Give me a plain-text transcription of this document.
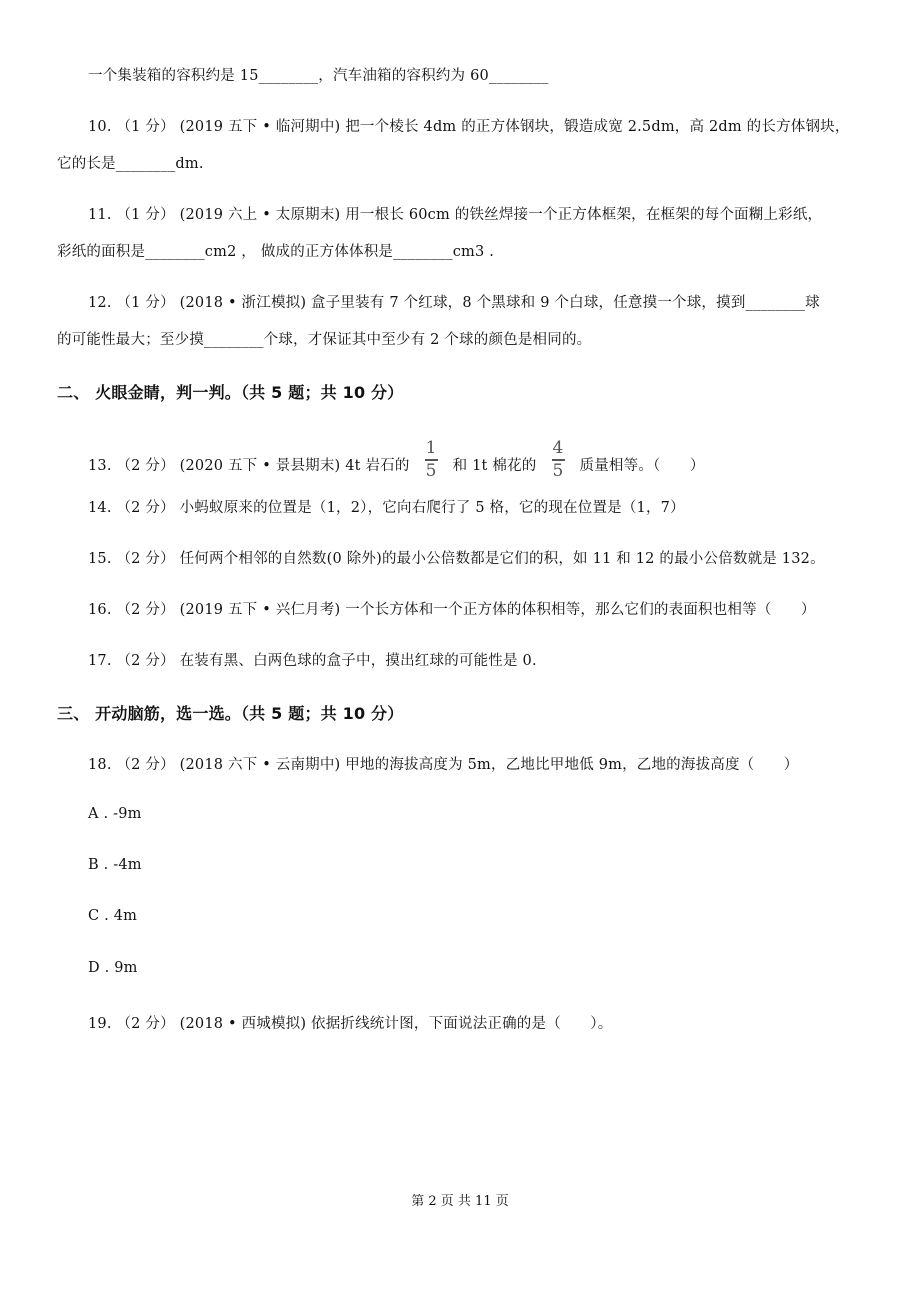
一个集装箱的容积约是 15________，汽车油箱的容积约为 60________
10. （1 分） (2019 五下 • 临河期中) 把一个棱长 4dm 的正方体钢块，锻造成宽 2.5dm，高 2dm 的长方体钢块，
它的长是________dm.
11. （1 分） (2019 六上 • 太原期末) 用一根长 60cm 的铁丝焊接一个正方体框架，在框架的每个面糊上彩纸，
彩纸的面积是________cm2 ， 做成的正方体体积是________cm3 .
12. （1 分） (2018 • 浙江模拟) 盒子里装有 7 个红球，8 个黑球和 9 个白球，任意摸一个球，摸到________球
的可能性最大；至少摸________个球，才保证其中至少有 2 个球的颜色是相同的。
二、 火眼金睛，判一判。（共 5 题；共 10 分）
13. （2 分） (2020 五下 • 景县期末) 4t 岩石的 $\frac{1}{5}$ 和 1t 棉花的 $\frac{4}{5}$ 质量相等。（　　）
14. （2 分） 小蚂蚁原来的位置是（1，2），它向右爬行了 5 格，它的现在位置是（1，7）
15. （2 分） 任何两个相邻的自然数(0 除外)的最小公倍数都是它们的积，如 11 和 12 的最小公倍数就是 132。
16. （2 分） (2019 五下 • 兴仁月考) 一个长方体和一个正方体的体积相等，那么它们的表面积也相等（　　）
17. （2 分） 在装有黑、白两色球的盒子中，摸出红球的可能性是 0.
三、 开动脑筋，选一选。（共 5 题；共 10 分）
18. （2 分） (2018 六下 • 云南期中) 甲地的海拔高度为 5m，乙地比甲地低 9m，乙地的海拔高度（　　）
A . -9m
B . -4m
C . 4m
D . 9m
19. （2 分） (2018 • 西城模拟) 依据折线统计图，下面说法正确的是（　　）。
第 2 页 共 11 页
